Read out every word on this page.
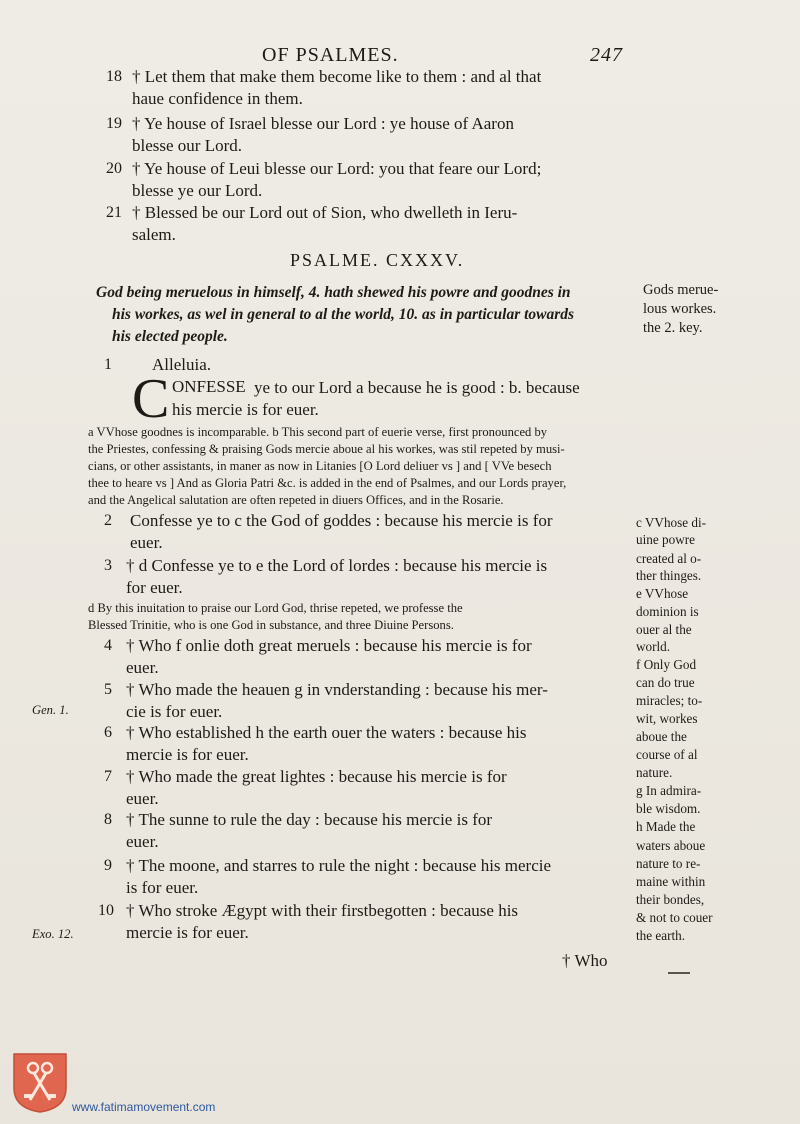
OF PSALMES.	247
18 † Let them that make them become like to them : and al that
haue confidence in them.
19 † Ye house of Israel blesse our Lord : ye house of Aaron
blesse our Lord.
20 † Ye house of Leui blesse our Lord: you that feare our Lord;
blesse ye our Lord.
21 † Blessed be our Lord out of Sion, who dwelleth in Ieru-
salem.
PSALME. CXXXV.
God being meruelous in himself, 4. hath shewed his powre and goodnes in
his workes, as wel in general to al the world, 10. as in particular towards
his elected people.
Gods merue-
lous workes.
the 2. key.
1 Alleluia.
C ONFESSE ye to our Lord a because he is good : b. because
his mercie is for euer.
a VVhose goodnes is incomparable. b This second part of euerie verse, first pronounced by
the Priestes, confessing & praising Gods mercie aboue al his workes, was stil repeted by musi-
cians, or other assistants, in maner as now in Litanies [O Lord deliuer vs ] and [ VVe besech
thee to heare vs ] And as Gloria Patri &c. is added in the end of Psalmes, and our Lords prayer,
and the Angelical salutation are often repeted in diuers Offices, and in the Rosarie.
2 Confesse ye to c the God of goddes : because his mercie is for
euer.
3 † d Confesse ye to e the Lord of lordes : because his mercie is
for euer.
d By this inuitation to praise our Lord God, thrise repeted, we professe the
Blessed Trinitie, who is one God in substance, and three Diuine Persons.
4 † Who f onlie doth great meruels : because his mercie is for
euer.
5 † Who made the heauen g in vnderstanding : because his mer-
cie is for euer.
6 † Who established h the earth ouer the waters : because his
mercie is for euer.
7 † Who made the great lightes : because his mercie is for
euer.
8 † The sunne to rule the day : because his mercie is for
euer.
9 † The moone, and starres to rule the night : because his mercie
is for euer.
10 † Who stroke Ægypt with their firstbegotten : because his
mercie is for euer.
Gen. 1.
Exo. 12.
c VVhose di-
uine powre
created al o-
ther thinges.
e VVhose
dominion is
ouer al the
world.
f Only God
can do true
miracles; to-
wit, workes
aboue the
course of al
nature.
g In admira-
ble wisdom.
h Made the
waters aboue
nature to re-
maine within
their bondes,
& not to couer
the earth.
† Who
www.fatimamovement.com
